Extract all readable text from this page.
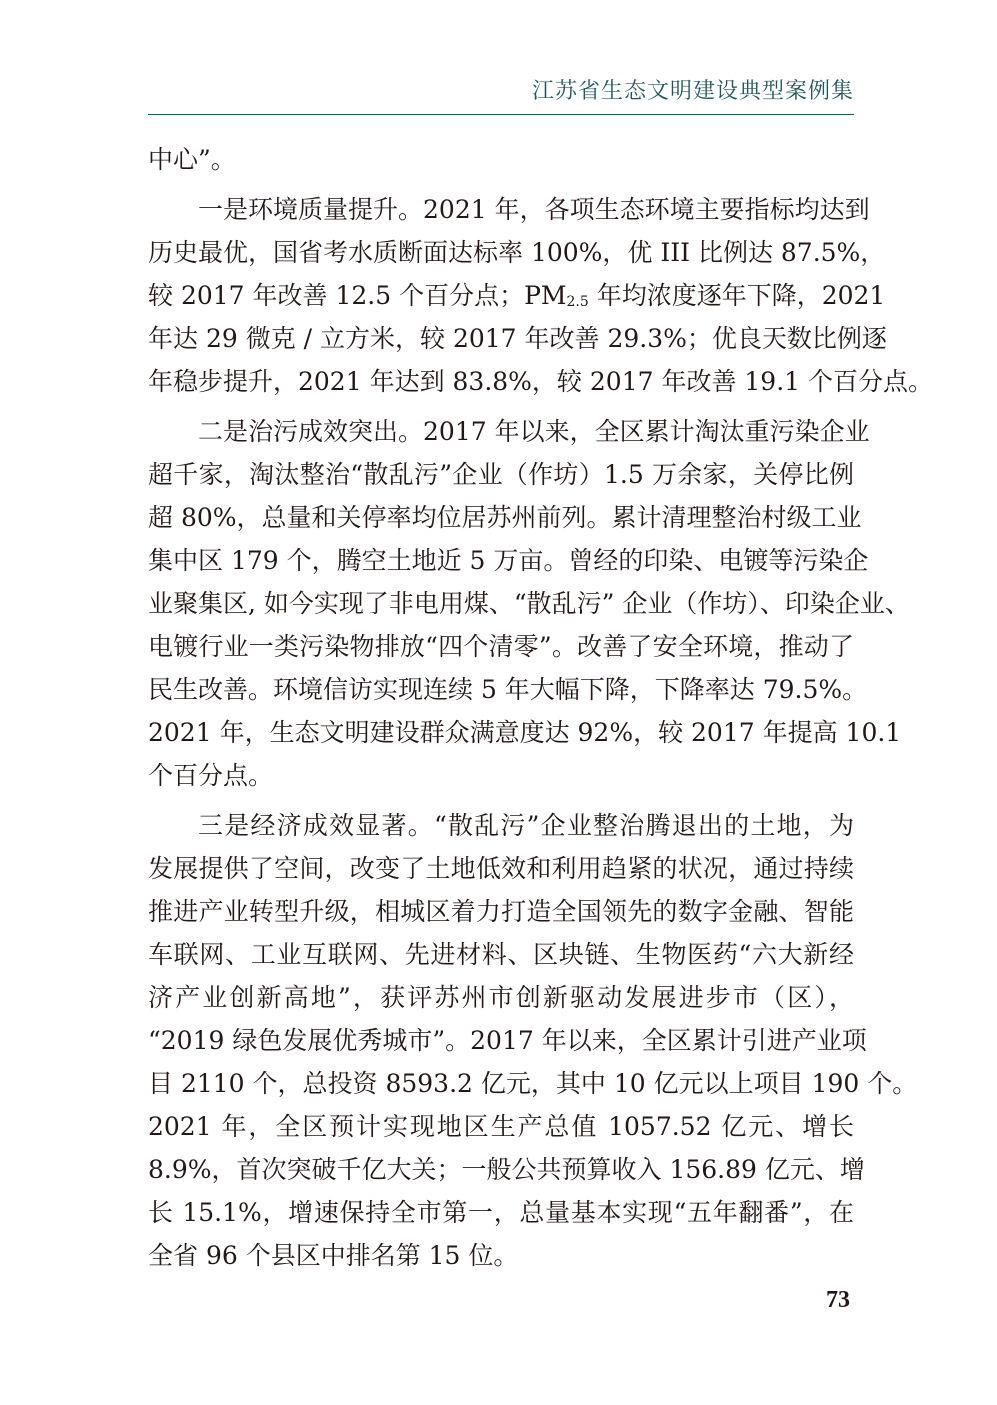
江苏省生态文明建设典型案例集
中心”。
一是环境质量提升。2021 年，各项生态环境主要指标均达到
历史最优，国省考水质断面达标率 100%，优 III 比例达 87.5%，
较 2017 年改善 12.5 个百分点；PM2.5 年均浓度逐年下降，2021
年达 29 微克 / 立方米，较 2017 年改善 29.3%；优良天数比例逐
年稳步提升，2021 年达到 83.8%，较 2017 年改善 19.1 个百分点。
二是治污成效突出。2017 年以来，全区累计淘汰重污染企业
超千家，淘汰整治“散乱污”企业（作坊）1.5 万余家，关停比例
超 80%，总量和关停率均位居苏州前列。累计清理整治村级工业
集中区 179 个，腾空土地近 5 万亩。曾经的印染、电镀等污染企
业聚集区, 如今实现了非电用煤、“散乱污” 企业（作坊）、印染企业、
电镀行业一类污染物排放“四个清零”。改善了安全环境，推动了
民生改善。环境信访实现连续 5 年大幅下降，下降率达 79.5%。
2021 年，生态文明建设群众满意度达 92%，较 2017 年提高 10.1
个百分点。
三是经济成效显著。“散乱污”企业整治腾退出的土地，为
发展提供了空间，改变了土地低效和利用趋紧的状况，通过持续
推进产业转型升级，相城区着力打造全国领先的数字金融、智能
车联网、工业互联网、先进材料、区块链、生物医药“六大新经
济产业创新高地”，获评苏州市创新驱动发展进步市（区），
“2019 绿色发展优秀城市”。2017 年以来，全区累计引进产业项
目 2110 个，总投资 8593.2 亿元，其中 10 亿元以上项目 190 个。
2021 年，全区预计实现地区生产总值 1057.52 亿元、增长
8.9%，首次突破千亿大关；一般公共预算收入 156.89 亿元、增
长 15.1%，增速保持全市第一，总量基本实现“五年翻番”，在
全省 96 个县区中排名第 15 位。
73
